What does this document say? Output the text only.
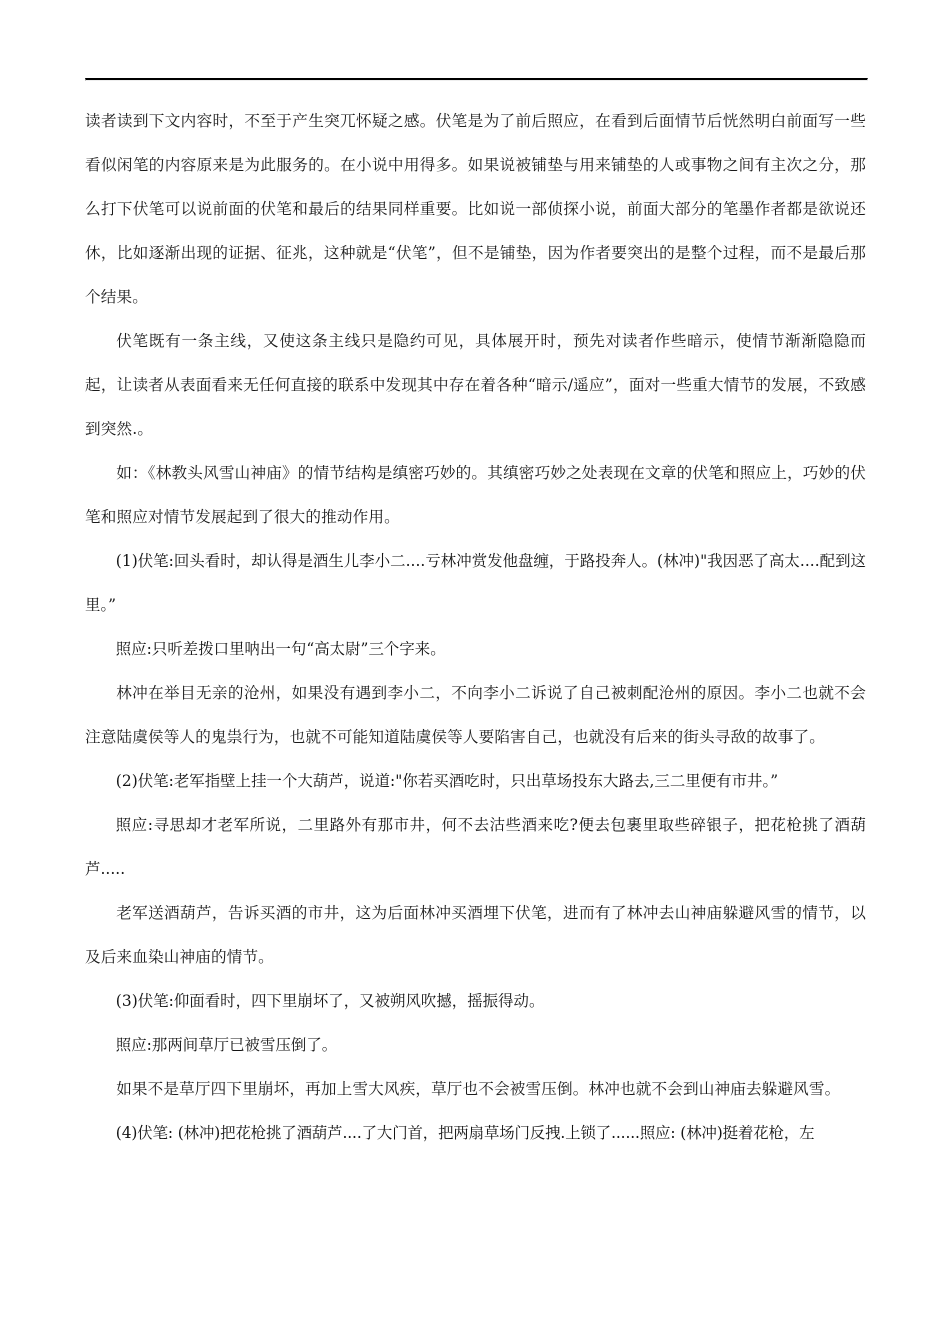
读者读到下文内容时，不至于产生突兀怀疑之感。伏笔是为了前后照应，在看到后面情节后恍然明白前面写一些看似闲笔的内容原来是为此服务的。在小说中用得多。如果说被铺垫与用来铺垫的人或事物之间有主次之分，那么打下伏笔可以说前面的伏笔和最后的结果同样重要。比如说一部侦探小说，前面大部分的笔墨作者都是欲说还休，比如逐渐出现的证据、征兆，这种就是“伏笔”，但不是铺垫，因为作者要突出的是整个过程，而不是最后那个结果。

伏笔既有一条主线，又使这条主线只是隐约可见，具体展开时，预先对读者作些暗示，使情节渐渐隐隐而起，让读者从表面看来无任何直接的联系中发现其中存在着各种“暗示/遥应”，面对一些重大情节的发展，不致感到突然.。

如：《林教头风雪山神庙》的情节结构是缜密巧妙的。其缜密巧妙之处表现在文章的伏笔和照应上，巧妙的伏笔和照应对情节发展起到了很大的推动作用。

(1)伏笔:回头看时，却认得是酒生儿李小二....亏林冲赏发他盘缠，于路投奔人。(林冲)"我因恶了高太....配到这里。”

照应:只听差拨口里呐出一句“高太尉”三个字来。

林冲在举目无亲的沧州，如果没有遇到李小二，不向李小二诉说了自己被刺配沧州的原因。李小二也就不会注意陆虞侯等人的鬼祟行为，也就不可能知道陆虞侯等人要陷害自己，也就没有后来的街头寻敌的故事了。

(2)伏笔:老军指壁上挂一个大葫芦，说道:"你若买酒吃时，只出草场投东大路去,三二里便有市井。”

照应:寻思却才老军所说，二里路外有那市井，何不去沽些酒来吃?便去包裹里取些碎银子，把花枪挑了酒葫芦.....

老军送酒葫芦，告诉买酒的市井，这为后面林冲买酒埋下伏笔，进而有了林冲去山神庙躲避风雪的情节，以及后来血染山神庙的情节。

(3)伏笔:仰面看时，四下里崩坏了，又被朔风吹撼，摇振得动。

照应:那两间草厅已被雪压倒了。

如果不是草厅四下里崩坏，再加上雪大风疾，草厅也不会被雪压倒。林冲也就不会到山神庙去躲避风雪。

(4)伏笔: (林冲)把花枪挑了酒葫芦....了大门首，把两扇草场门反拽.上锁了......照应: (林冲)挺着花枪，左
